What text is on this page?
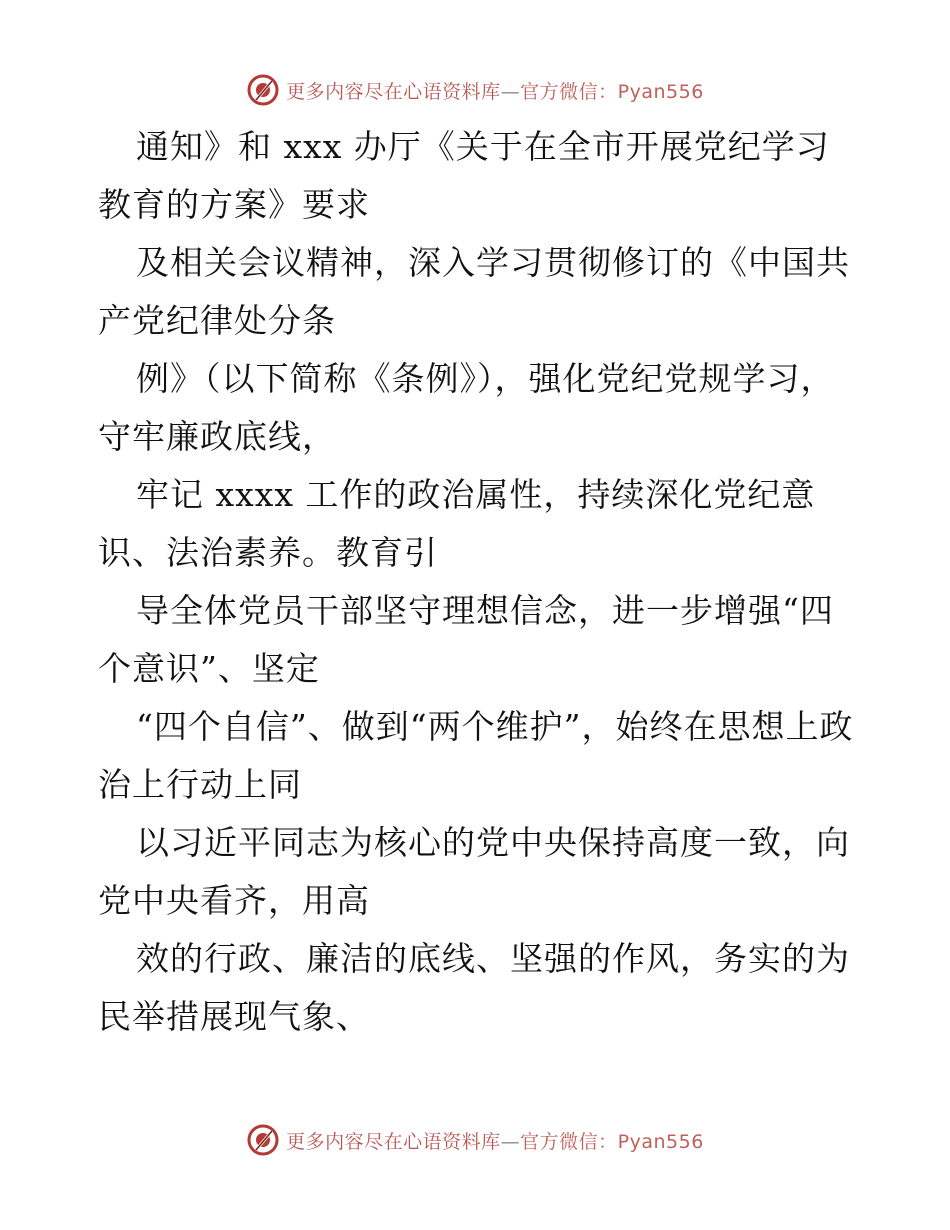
更多内容尽在心语资料库—官方微信：Pyan556

通知》和 xxx 办厅《关于在全市开展党纪学习教育的方案》要求

及相关会议精神，深入学习贯彻修订的《中国共产党纪律处分条

例》（以下简称《条例》），强化党纪党规学习，守牢廉政底线，

牢记 xxxx 工作的政治属性，持续深化党纪意识、法治素养。教育引

导全体党员干部坚守理想信念，进一步增强“四个意识”、坚定

“四个自信”、做到“两个维护”，始终在思想上政治上行动上同

以习近平同志为核心的党中央保持高度一致，向党中央看齐，用高

效的行政、廉洁的底线、坚强的作风，务实的为民举措展现气象、

更多内容尽在心语资料库—官方微信：Pyan556
